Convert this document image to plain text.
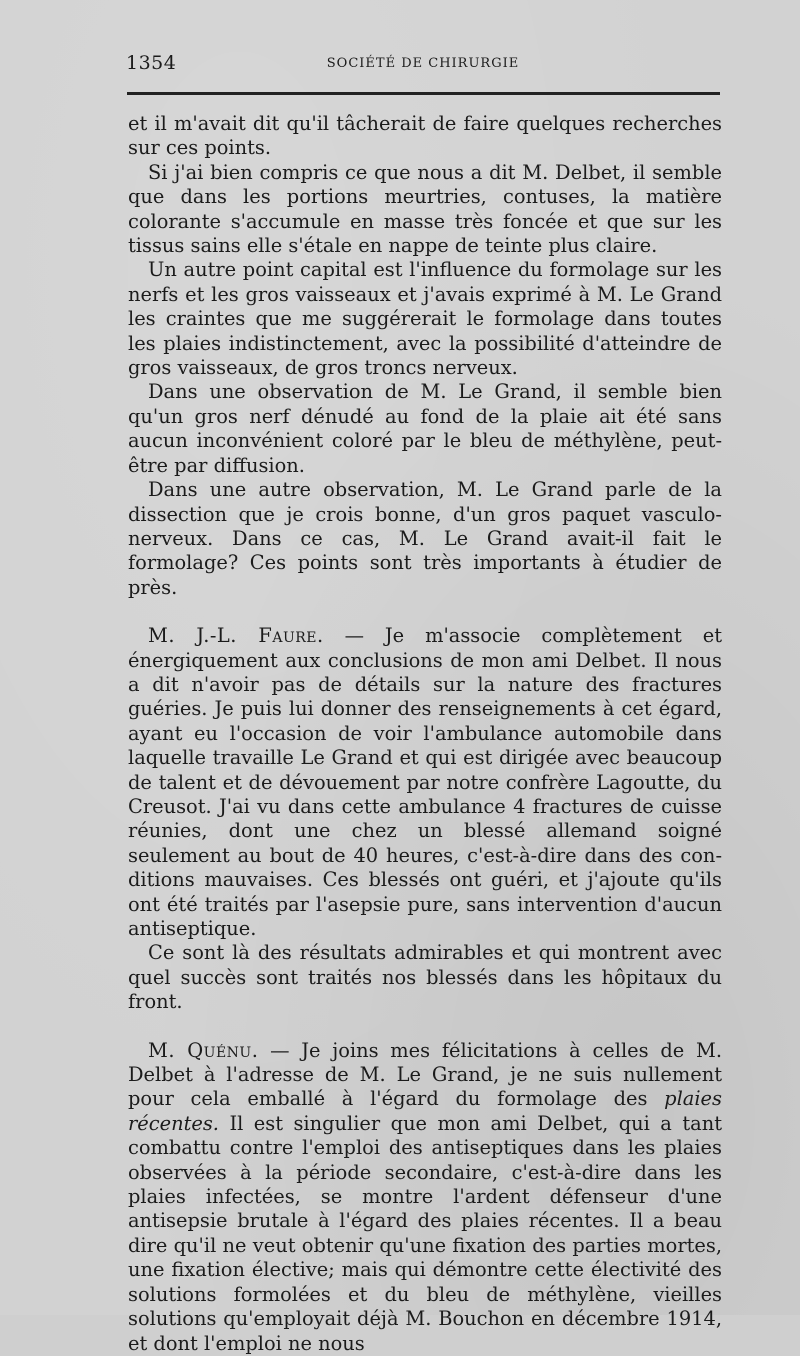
1354	SOCIÉTÉ DE CHIRURGIE

et il m'avait dit qu'il tâcherait de faire quelques recherches sur ces points.

Si j'ai bien compris ce que nous a dit M. Delbet, il semble que dans les portions meurtries, contuses, la matière colorante s'accumule en masse très foncée et que sur les tissus sains elle s'étale en nappe de teinte plus claire.

Un autre point capital est l'influence du formolage sur les nerfs et les gros vaisseaux et j'avais exprimé à M. Le Grand les craintes que me suggérerait le formolage dans toutes les plaies indistinctement, avec la possibilité d'atteindre de gros vaisseaux, de gros troncs nerveux.

Dans une observation de M. Le Grand, il semble bien qu'un gros nerf dénudé au fond de la plaie ait été sans aucun inconvénient coloré par le bleu de méthylène, peut-être par diffusion.

Dans une autre observation, M. Le Grand parle de la dissection que je crois bonne, d'un gros paquet vasculo-nerveux. Dans ce cas, M. Le Grand avait-il fait le formolage? Ces points sont très importants à étudier de près.

M. J.-L. Faure. — Je m'associe complètement et énergiquement aux conclusions de mon ami Delbet. Il nous a dit n'avoir pas de détails sur la nature des fractures guéries. Je puis lui donner des renseignements à cet égard, ayant eu l'occasion de voir l'ambulance automobile dans laquelle travaille Le Grand et qui est dirigée avec beaucoup de talent et de dévouement par notre confrère Lagoutte, du Creusot. J'ai vu dans cette ambulance 4 fractures de cuisse réunies, dont une chez un blessé allemand soigné seulement au bout de 40 heures, c'est-à-dire dans des conditions mauvaises. Ces blessés ont guéri, et j'ajoute qu'ils ont été traités par l'asepsie pure, sans intervention d'aucun antiseptique.

Ce sont là des résultats admirables et qui montrent avec quel succès sont traités nos blessés dans les hôpitaux du front.

M. Quénu. — Je joins mes félicitations à celles de M. Delbet à l'adresse de M. Le Grand, je ne suis nullement pour cela emballé à l'égard du formolage des plaies récentes. Il est singulier que mon ami Delbet, qui a tant combattu contre l'emploi des antiseptiques dans les plaies observées à la période secondaire, c'est-à-dire dans les plaies infectées, se montre l'ardent défenseur d'une antisepsie brutale à l'égard des plaies récentes. Il a beau dire qu'il ne veut obtenir qu'une fixation des parties mortes, une fixation élective; mais qui démontre cette électivité des solutions formolées et du bleu de méthylène, vieilles solutions qu'employait déjà M. Bouchon en décembre 1914, et dont l'emploi ne nous
